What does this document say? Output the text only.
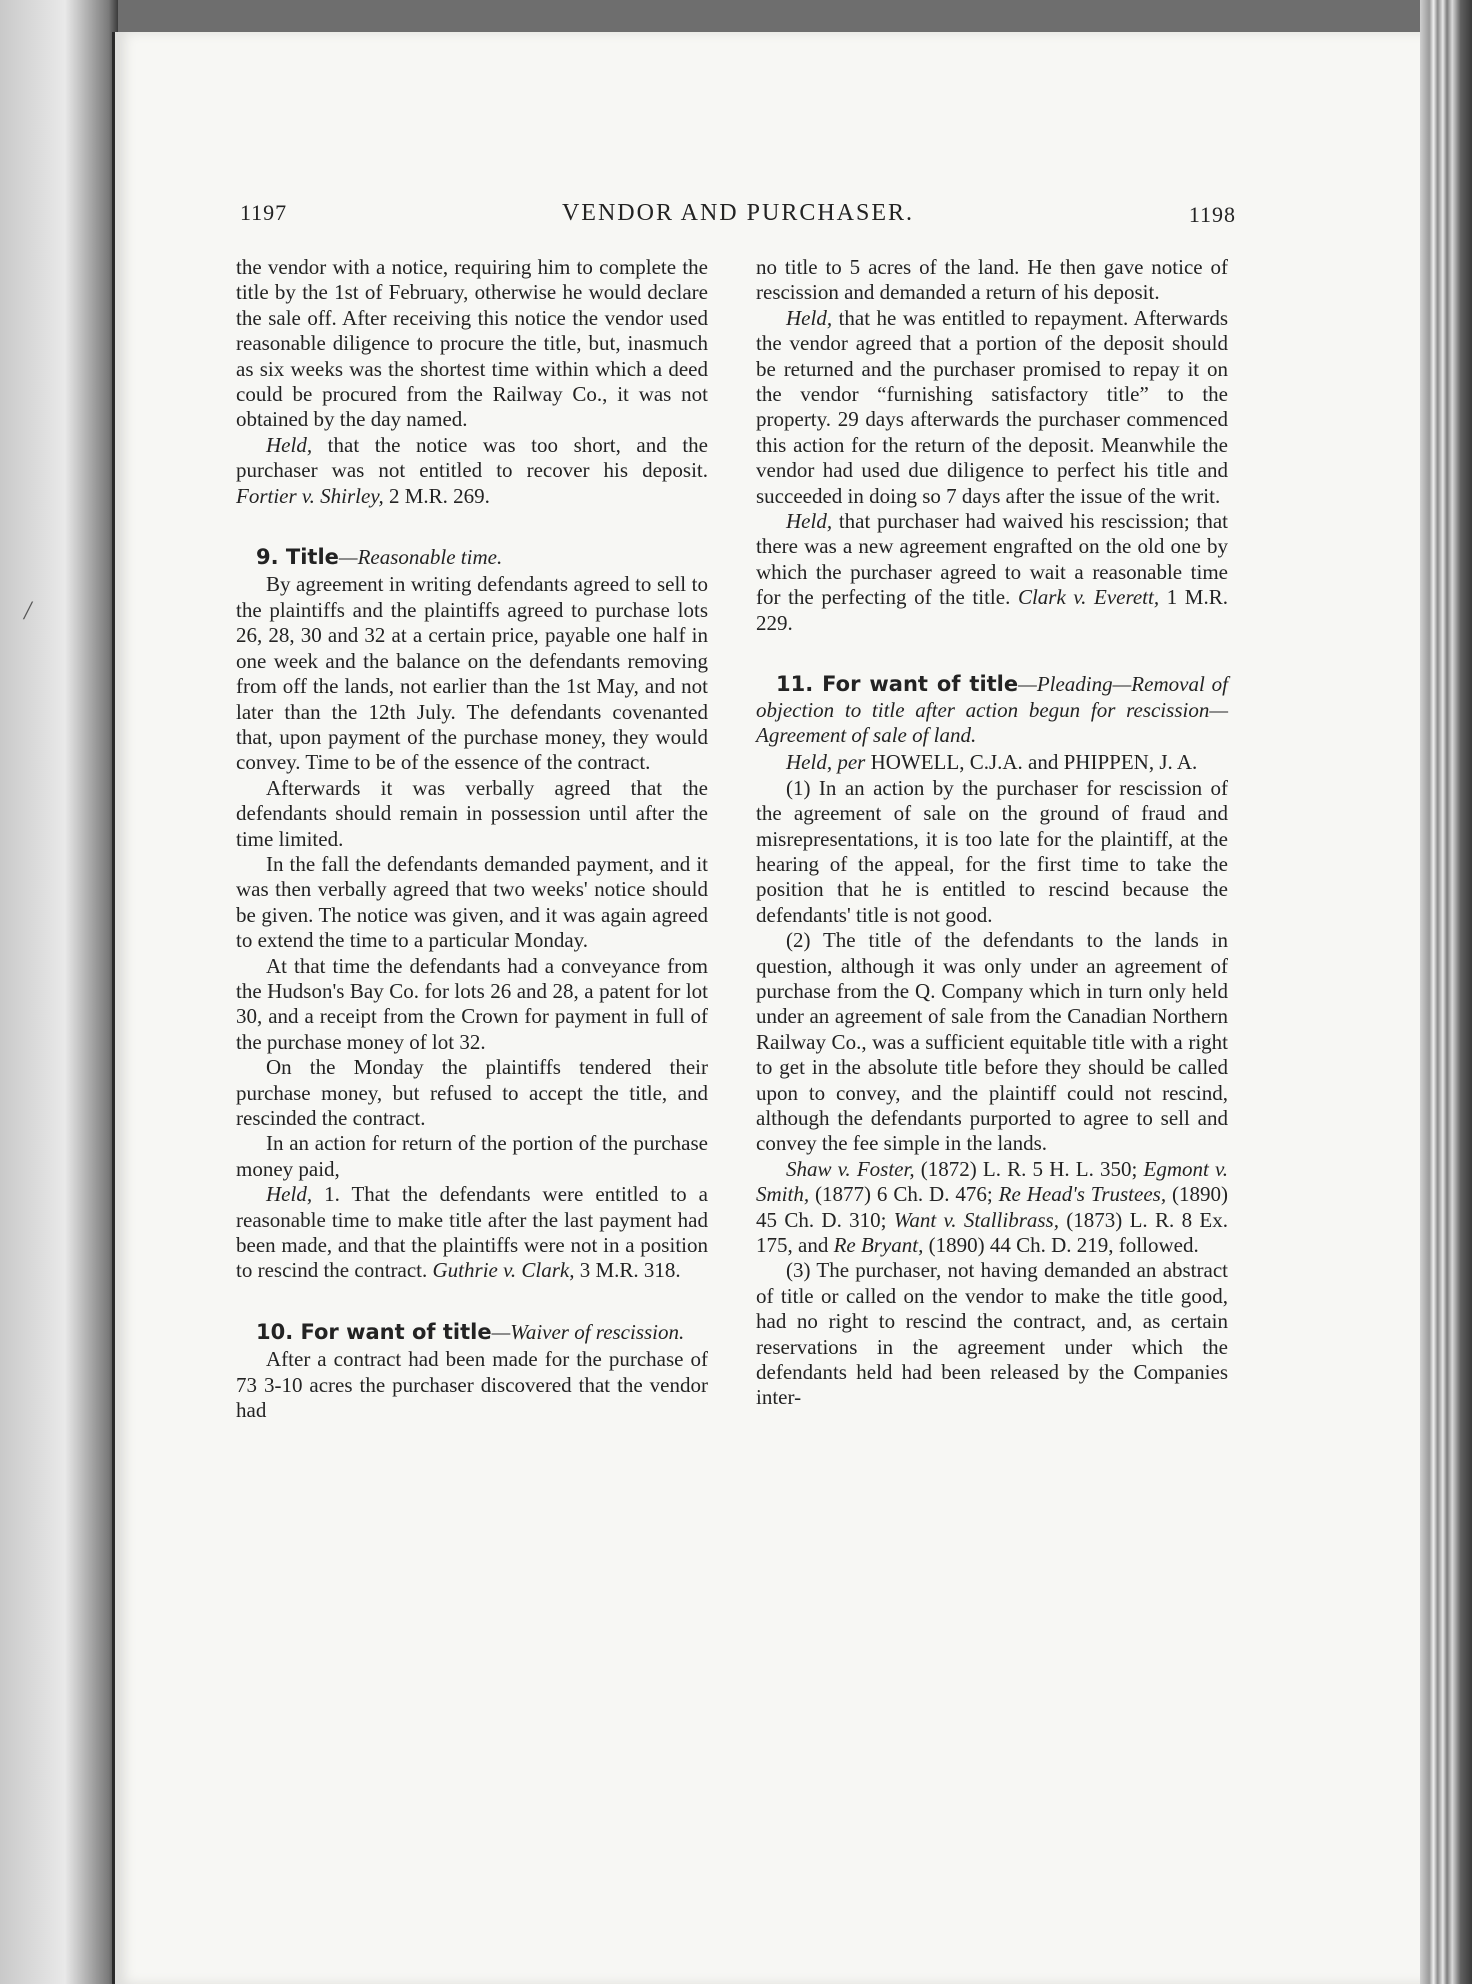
/
1197	VENDOR AND PURCHASER.	1198

the vendor with a notice, requiring him to complete the title by the 1st of February, otherwise he would declare the sale off. After receiving this notice the vendor used reasonable diligence to procure the title, but, inasmuch as six weeks was the shortest time within which a deed could be procured from the Railway Co., it was not obtained by the day named.

Held, that the notice was too short, and the purchaser was not entitled to recover his deposit. Fortier v. Shirley, 2 M.R. 269.

9. Title—Reasonable time.

By agreement in writing defendants agreed to sell to the plaintiffs and the plaintiffs agreed to purchase lots 26, 28, 30 and 32 at a certain price, payable one half in one week and the balance on the defendants removing from off the lands, not earlier than the 1st May, and not later than the 12th July. The defendants covenanted that, upon payment of the purchase money, they would convey. Time to be of the essence of the contract.

Afterwards it was verbally agreed that the defendants should remain in possession until after the time limited.

In the fall the defendants demanded payment, and it was then verbally agreed that two weeks' notice should be given. The notice was given, and it was again agreed to extend the time to a particular Monday.

At that time the defendants had a conveyance from the Hudson's Bay Co. for lots 26 and 28, a patent for lot 30, and a receipt from the Crown for payment in full of the purchase money of lot 32.

On the Monday the plaintiffs tendered their purchase money, but refused to accept the title, and rescinded the contract.

In an action for return of the portion of the purchase money paid,

Held, 1. That the defendants were entitled to a reasonable time to make title after the last payment had been made, and that the plaintiffs were not in a position to rescind the contract. Guthrie v. Clark, 3 M.R. 318.

10. For want of title—Waiver of rescission.

After a contract had been made for the purchase of 73 3-10 acres the purchaser discovered that the vendor had

no title to 5 acres of the land. He then gave notice of rescission and demanded a return of his deposit.

Held, that he was entitled to repayment. Afterwards the vendor agreed that a portion of the deposit should be returned and the purchaser promised to repay it on the vendor “furnishing satisfactory title” to the property. 29 days afterwards the purchaser commenced this action for the return of the deposit. Meanwhile the vendor had used due diligence to perfect his title and succeeded in doing so 7 days after the issue of the writ.

Held, that purchaser had waived his rescission; that there was a new agreement engrafted on the old one by which the purchaser agreed to wait a reasonable time for the perfecting of the title. Clark v. Everett, 1 M.R. 229.

11. For want of title—Pleading—Removal of objection to title after action begun for rescission—Agreement of sale of land.

Held, per HOWELL, C.J.A. and PHIPPEN, J. A.

(1) In an action by the purchaser for rescission of the agreement of sale on the ground of fraud and misrepresentations, it is too late for the plaintiff, at the hearing of the appeal, for the first time to take the position that he is entitled to rescind because the defendants' title is not good.

(2) The title of the defendants to the lands in question, although it was only under an agreement of purchase from the Q. Company which in turn only held under an agreement of sale from the Canadian Northern Railway Co., was a sufficient equitable title with a right to get in the absolute title before they should be called upon to convey, and the plaintiff could not rescind, although the defendants purported to agree to sell and convey the fee simple in the lands.

Shaw v. Foster, (1872) L. R. 5 H. L. 350; Egmont v. Smith, (1877) 6 Ch. D. 476; Re Head's Trustees, (1890) 45 Ch. D. 310; Want v. Stallibrass, (1873) L. R. 8 Ex. 175, and Re Bryant, (1890) 44 Ch. D. 219, followed.

(3) The purchaser, not having demanded an abstract of title or called on the vendor to make the title good, had no right to rescind the contract, and, as certain reservations in the agreement under which the defendants held had been released by the Companies inter-
